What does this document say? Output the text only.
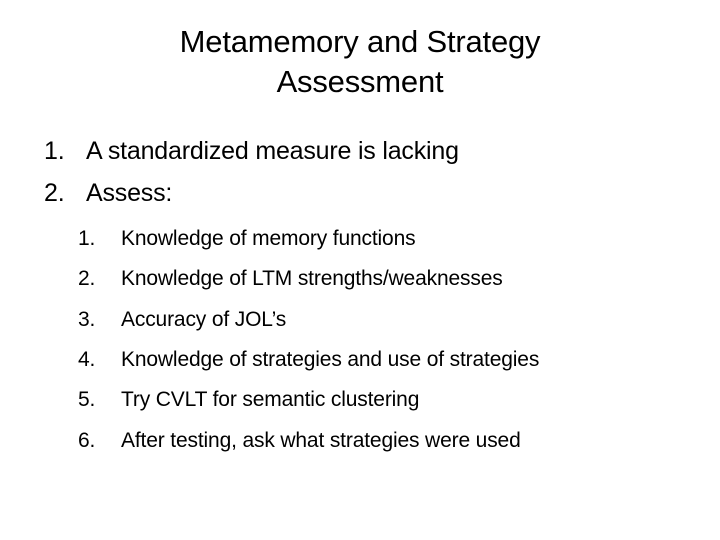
Metamemory and Strategy
Assessment
1. A standardized measure is lacking
2. Assess:
1. Knowledge of memory functions
2. Knowledge of LTM strengths/weaknesses
3. Accuracy of JOL’s
4. Knowledge of strategies and use of strategies
5. Try CVLT for semantic clustering
6. After testing, ask what strategies were used
